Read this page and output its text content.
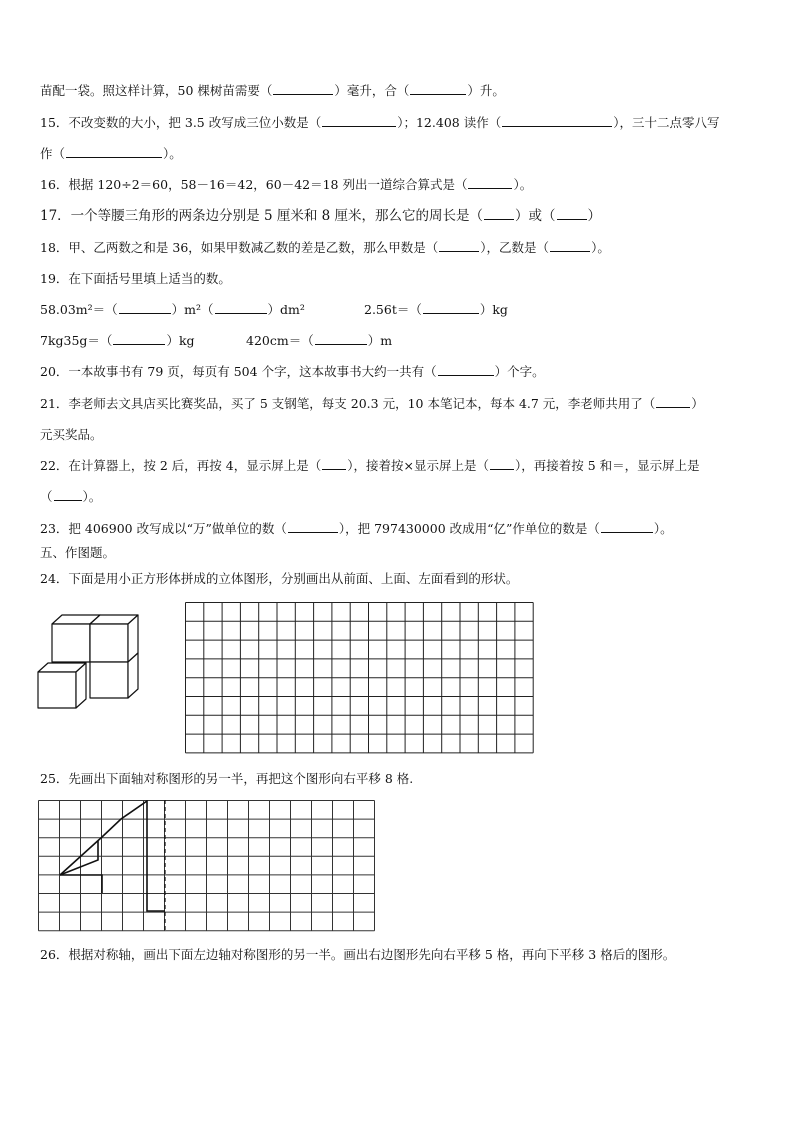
苗配一袋。照这样计算，50 棵树苗需要（	）毫升，合（	）升。
15．不改变数的大小，把 3.5 改写成三位小数是（	）；12.408 读作（	），三十二点零八写
作（	）。
16．根据 120÷2＝60，58－16＝42，60－42＝18 列出一道综合算式是（	）。
17．一个等腰三角形的两条边分别是 5 厘米和 8 厘米，那么它的周长是（ ）或（ ）
18．甲、乙两数之和是 36，如果甲数减乙数的差是乙数，那么甲数是（	），乙数是（	）。
19．在下面括号里填上适当的数。
58.03m²＝（	）m²（	）dm²	2.56t＝（	）kg
7kg35g＝（	）kg	420cm＝（	）m
20．一本故事书有 79 页，每页有 504 个字，这本故事书大约一共有（	）个字。
21．李老师去文具店买比赛奖品，买了 5 支钢笔，每支 20.3 元，10 本笔记本，每本 4.7 元，李老师共用了（	）
元买奖品。
22．在计算器上，按 2 后，再按 4，显示屏上是（ ），接着按×显示屏上是（ ），再接着按 5 和＝，显示屏上是
（ ）。
23．把 406900 改写成以“万”做单位的数（	），把 797430000 改成用“亿”作单位的数是（	）。
五、作图题。
24．下面是用小正方形体拼成的立体图形，分别画出从前面、上面、左面看到的形状。
25．先画出下面轴对称图形的另一半，再把这个图形向右平移 8 格.
26．根据对称轴，画出下面左边轴对称图形的另一半。画出右边图形先向右平移 5 格，再向下平移 3 格后的图形。
